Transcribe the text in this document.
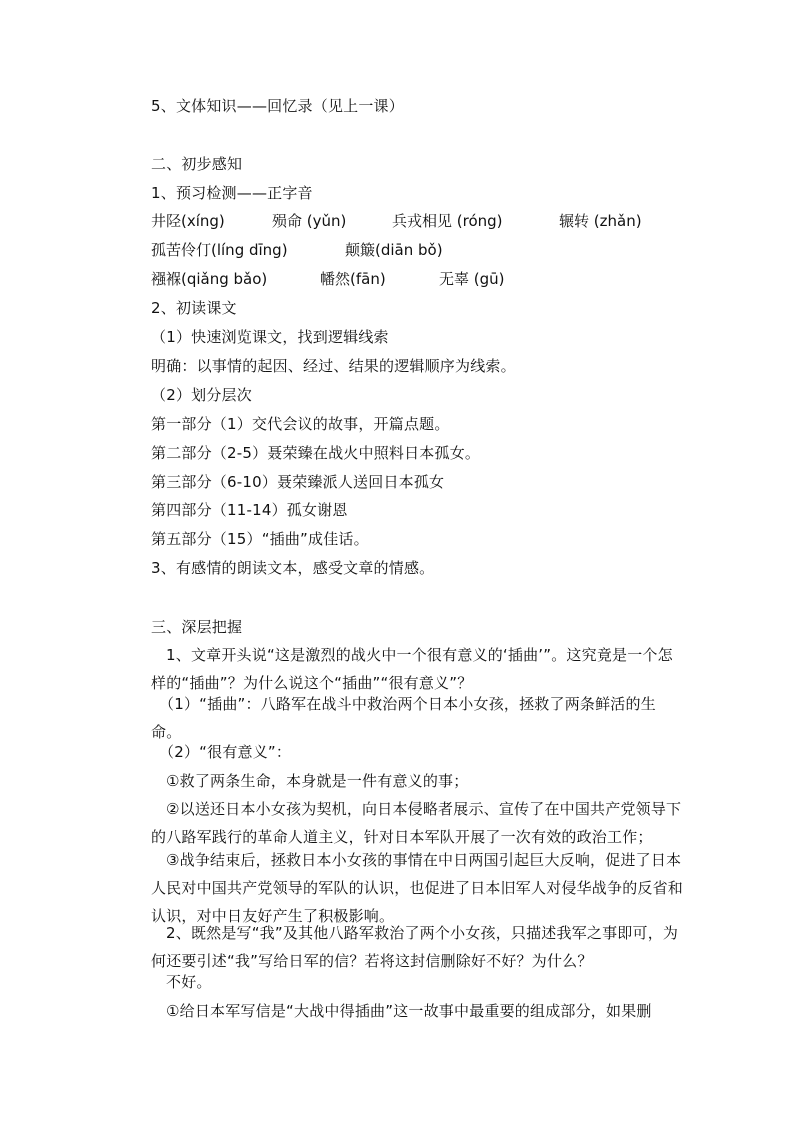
5、文体知识——回忆录（见上一课）
二、初步感知
1、预习检测——正字音
井陉(xíng)	殒命 (yǔn)	兵戎相见 (róng)	辗转 (zhǎn)
孤苦伶仃(líng dīng)	颠簸(diān bǒ)
襁褓(qiǎng bǎo)	幡然(fān)	无辜 (gū)
2、初读课文
（1）快速浏览课文，找到逻辑线索
明确：以事情的起因、经过、结果的逻辑顺序为线索。
（2）划分层次
第一部分（1）交代会议的故事，开篇点题。
第二部分（2-5）聂荣臻在战火中照料日本孤女。
第三部分（6-10）聂荣臻派人送回日本孤女
第四部分（11-14）孤女谢恩
第五部分（15）“插曲”成佳话。
3、有感情的朗读文本，感受文章的情感。
三、深层把握
1、文章开头说“这是激烈的战火中一个很有意义的‘插曲’”。这究竟是一个怎样的“插曲”？为什么说这个“插曲”“很有意义”？
（1）“插曲”：八路军在战斗中救治两个日本小女孩，拯救了两条鲜活的生命。
（2）“很有意义”：
①救了两条生命，本身就是一件有意义的事；
②以送还日本小女孩为契机，向日本侵略者展示、宣传了在中国共产党领导下的八路军践行的革命人道主义，针对日本军队开展了一次有效的政治工作；
③战争结束后，拯救日本小女孩的事情在中日两国引起巨大反响，促进了日本人民对中国共产党领导的军队的认识，也促进了日本旧军人对侵华战争的反省和认识，对中日友好产生了积极影响。
2、既然是写“我”及其他八路军救治了两个小女孩，只描述我军之事即可，为何还要引述“我”写给日军的信？若将这封信删除好不好？为什么？
不好。
①给日本军写信是“大战中得插曲”这一故事中最重要的组成部分，如果删
